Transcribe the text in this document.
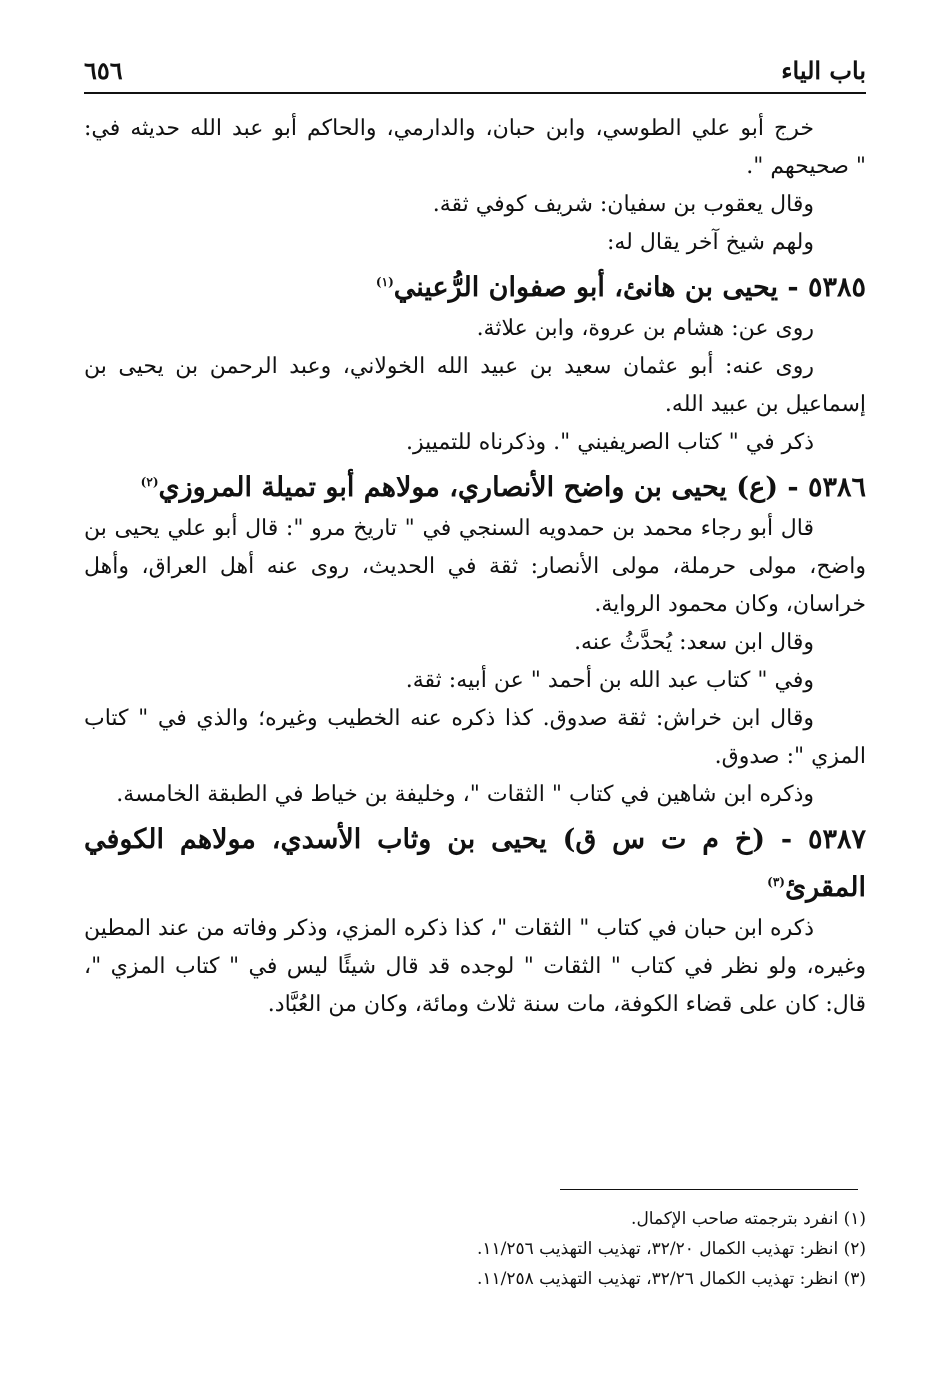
باب الياء
٦٥٦
خرج أبو علي الطوسي، وابن حبان، والدارمي، والحاكم أبو عبد الله حديثه في:
" صحيحهم ".
وقال يعقوب بن سفيان: شريف كوفي ثقة.
ولهم شيخ آخر يقال له:
٥٣٨٥ - يحيى بن هانئ، أبو صفوان الرُّعيني$^{(١)}$
روى عن: هشام بن عروة، وابن علاثة.
روى عنه: أبو عثمان سعيد بن عبيد الله الخولاني، وعبد الرحمن بن يحيى بن
إسماعيل بن عبيد الله.
ذكر في " كتاب الصريفيني ". وذكرناه للتمييز.
٥٣٨٦ - (ع) يحيى بن واضح الأنصاري، مولاهم أبو تميلة المروزي$^{(٢)}$
قال أبو رجاء محمد بن حمدويه السنجي في " تاريخ مرو ": قال أبو علي يحيى بن
واضح، مولى حرملة، مولى الأنصار: ثقة في الحديث، روى عنه أهل العراق، وأهل
خراسان، وكان محمود الرواية.
وقال ابن سعد: يُحدَّثُ عنه.
وفي " كتاب عبد الله بن أحمد " عن أبيه: ثقة.
وقال ابن خراش: ثقة صدوق. كذا ذكره عنه الخطيب وغيره؛ والذي في " كتاب
المزي ": صدوق.
وذكره ابن شاهين في كتاب " الثقات "، وخليفة بن خياط في الطبقة الخامسة.
٥٣٨٧ - (خ م ت س ق) يحيى بن وثاب الأسدي، مولاهم الكوفي
المقرئ$^{(٣)}$
ذكره ابن حبان في كتاب " الثقات "، كذا ذكره المزي، وذكر وفاته من عند المطين
وغيره، ولو نظر في كتاب " الثقات " لوجده قد قال شيئًا ليس في " كتاب المزي "،
قال: كان على قضاء الكوفة، مات سنة ثلاث ومائة، وكان من العُبَّاد.
(١) انفرد بترجمته صاحب الإكمال.
(٢) انظر: تهذيب الكمال ٣٢/٢٠، تهذيب التهذيب ١١/٢٥٦.
(٣) انظر: تهذيب الكمال ٣٢/٢٦، تهذيب التهذيب ١١/٢٥٨.
